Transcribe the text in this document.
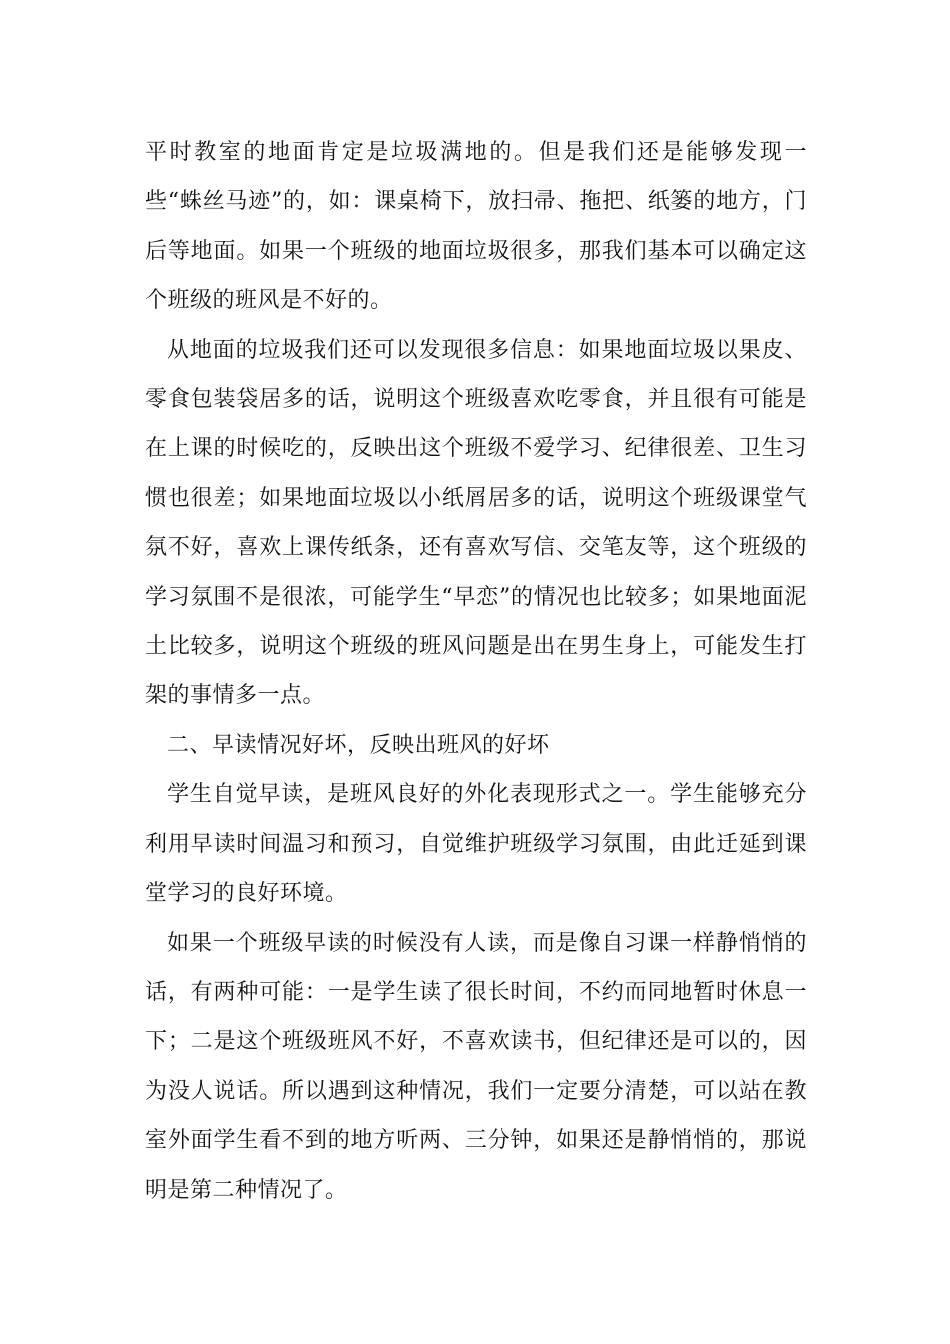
平时教室的地面肯定是垃圾满地的。但是我们还是能够发现一些“蛛丝马迹”的，如：课桌椅下，放扫帚、拖把、纸篓的地方，门后等地面。如果一个班级的地面垃圾很多，那我们基本可以确定这个班级的班风是不好的。

从地面的垃圾我们还可以发现很多信息：如果地面垃圾以果皮、零食包装袋居多的话，说明这个班级喜欢吃零食，并且很有可能是在上课的时候吃的，反映出这个班级不爱学习、纪律很差、卫生习惯也很差；如果地面垃圾以小纸屑居多的话，说明这个班级课堂气氛不好，喜欢上课传纸条，还有喜欢写信、交笔友等，这个班级的学习氛围不是很浓，可能学生“早恋”的情况也比较多；如果地面泥土比较多，说明这个班级的班风问题是出在男生身上，可能发生打架的事情多一点。

二、早读情况好坏，反映出班风的好坏

学生自觉早读，是班风良好的外化表现形式之一。学生能够充分利用早读时间温习和预习，自觉维护班级学习氛围，由此迁延到课堂学习的良好环境。

如果一个班级早读的时候没有人读，而是像自习课一样静悄悄的话，有两种可能：一是学生读了很长时间，不约而同地暂时休息一下；二是这个班级班风不好，不喜欢读书，但纪律还是可以的，因为没人说话。所以遇到这种情况，我们一定要分清楚，可以站在教室外面学生看不到的地方听两、三分钟，如果还是静悄悄的，那说明是第二种情况了。
